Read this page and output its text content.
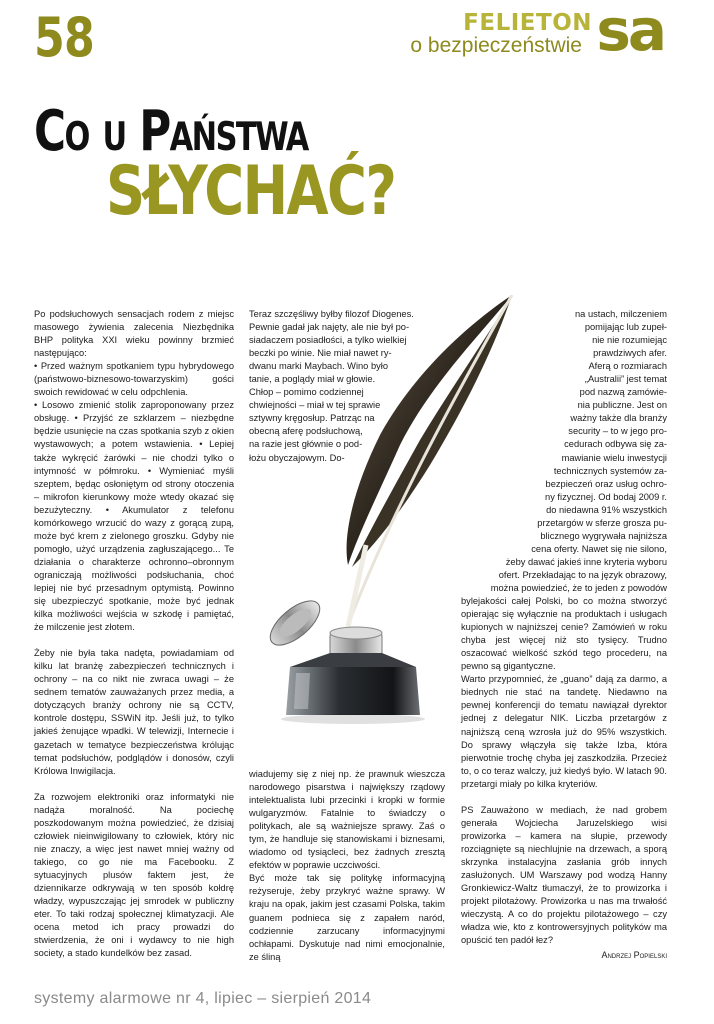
58	FELIETON sa
o bezpieczeństwie
Co u Państwa
SŁYCHAĆ?

Po podsłuchowych sensacjach rodem z miejsc masowego żywienia zalecenia Niezbędnika BHP polityka XXI wieku powinny brzmieć następująco:
• Przed ważnym spotkaniem typu hybrydowego (państwowo-biznesowo-towarzyskim) gości swoich rewidować w celu odpchlenia.
• Losowo zmienić stolik zaproponowany przez obsługę. • Przyjść ze szklarzem – niezbędne będzie usunięcie na czas spotkania szyb z okien wystawowych; a potem wstawienia. • Lepiej także wykręcić żarówki – nie chodzi tylko o intymność w półmroku. • Wymieniać myśli szeptem, będąc osłoniętym od strony otoczenia – mikrofon kierunkowy może wtedy okazać się bezużyteczny. • Akumulator z telefonu komórkowego wrzucić do wazy z gorącą zupą, może być krem z zielonego groszku. Gdyby nie pomogło, użyć urządzenia zagłuszającego... Te działania o charakterze ochronno–obronnym ograniczają możliwości podsłuchania, choć lepiej nie być przesadnym optymistą. Powinno się ubezpieczyć spotkanie, może być jednak kilka możliwości wejścia w szkodę i pamiętać, że milczenie jest złotem.

Żeby nie była taka nadęta, powiadamiam od kilku lat branżę zabezpieczeń technicznych i ochrony – na co nikt nie zwraca uwagi – że sednem tematów zauważanych przez media, a dotyczących branży ochrony nie są CCTV, kontrole dostępu, SSWiN itp. Jeśli już, to tylko jakieś żenujące wpadki. W telewizji, Internecie i gazetach w tematyce bezpieczeństwa królując temat podsłuchów, podglądów i donosów, czyli Królowa Inwigilacja.

Za rozwojem elektroniki oraz informatyki nie nadąża moralność. Na pociechę poszkodowanym można powiedzieć, że dzisiaj człowiek nieinwigilowany to człowiek, który nic nie znaczy, a więc jest nawet mniej ważny od takiego, co go nie ma Facebooku. Z sytuacyjnych plusów faktem jest, że dziennikarze odkrywają w ten sposób kołdrę władzy, wypuszczając jej smrodek w publiczny eter. To taki rodzaj społecznej klimatyzacji. Ale ocena metod ich pracy prowadzi do stwierdzenia, że oni i wydawcy to nie high society, a stado kundelków bez zasad.

Teraz szczęśliwy byłby filozof Diogenes.
Pewnie gadał jak najęty, ale nie był po-
siadaczem posiadłości, a tylko wielkiej
beczki po winie. Nie miał nawet ry-
dwanu marki Maybach. Wino było
tanie, a poglądy miał w głowie.
Chłop – pomimo codziennej
chwiejności – miał w tej sprawie
sztywny kręgosłup. Patrząc na
obecną aferę podsłuchową,
na razie jest głównie o pod-
łożu obyczajowym. Do-

wiadujemy się z niej np. że prawnuk wieszcza narodowego pisarstwa i największy rządowy intelektualista lubi przecinki i kropki w formie wulgaryzmów. Fatalnie to świadczy o politykach, ale są ważniejsze sprawy. Zaś o tym, że handluje się stanowiskami i biznesami, wiadomo od tysiącleci, bez żadnych zresztą efektów w poprawie uczciwości.
Być może tak się politykę informacyjną reżyseruje, żeby przykryć ważne sprawy. W kraju na opak, jakim jest czasami Polska, takim guanem podnieca się z zapałem naród, codziennie zarzucany informacyjnymi ochłapami. Dyskutuje nad nimi emocjonalnie, ze śliną

na ustach, milczeniem
pomijając lub zupeł-
nie nie rozumiejąc
prawdziwych afer.
Aferą o rozmiarach
„Australii” jest temat
pod nazwą zamówie-
nia publiczne. Jest on
ważny także dla branży
security – to w jego pro-
cedurach odbywa się za-
mawianie wielu inwestycji
technicznych systemów za-
bezpieczeń oraz usług ochro-
ny fizycznej. Od bodaj 2009 r.
do niedawna 91% wszystkich
przetargów w sferze grosza pu-
blicznego wygrywała najniższa
cena oferty. Nawet się nie silono,
żeby dawać jakieś inne kryteria wyboru
ofert. Przekładając to na język obrazowy,
można powiedzieć, że to jeden z powodów

bylejakości całej Polski, bo co można stworzyć opierając się wyłącznie na produktach i usługach kupionych w najniższej cenie? Zamówień w roku chyba jest więcej niż sto tysięcy. Trudno oszacować wielkość szkód tego procederu, na pewno są gigantyczne.
Warto przypomnieć, że „guano” dają za darmo, a biednych nie stać na tandetę. Niedawno na pewnej konferencji do tematu nawiązał dyrektor jednej z delegatur NIK. Liczba przetargów z najniższą ceną wzrosła już do 95% wszystkich. Do sprawy włączyła się także Izba, która pierwotnie trochę chyba jej zaszkodziła. Przecież to, o co teraz walczy, już kiedyś było. W latach 90. przetargi miały po kilka kryteriów.

PS Zauważono w mediach, że nad grobem generała Wojciecha Jaruzelskiego wisi prowizorka – kamera na słupie, przewody rozciągnięte są niechlujnie na drzewach, a sporą skrzynka instalacyjna zasłania grób innych zasłużonych. UM Warszawy pod wodzą Hanny Gronkiewicz-Waltz tłumaczył, że to prowizorka i projekt pilotażowy. Prowizorka u nas ma trwałość wieczystą. A co do projektu pilotażowego – czy władza wie, kto z kontrowersyjnych polityków ma opuścić ten padół łez?

Andrzej Popielski
systemy alarmowe nr 4, lipiec – sierpień 2014
